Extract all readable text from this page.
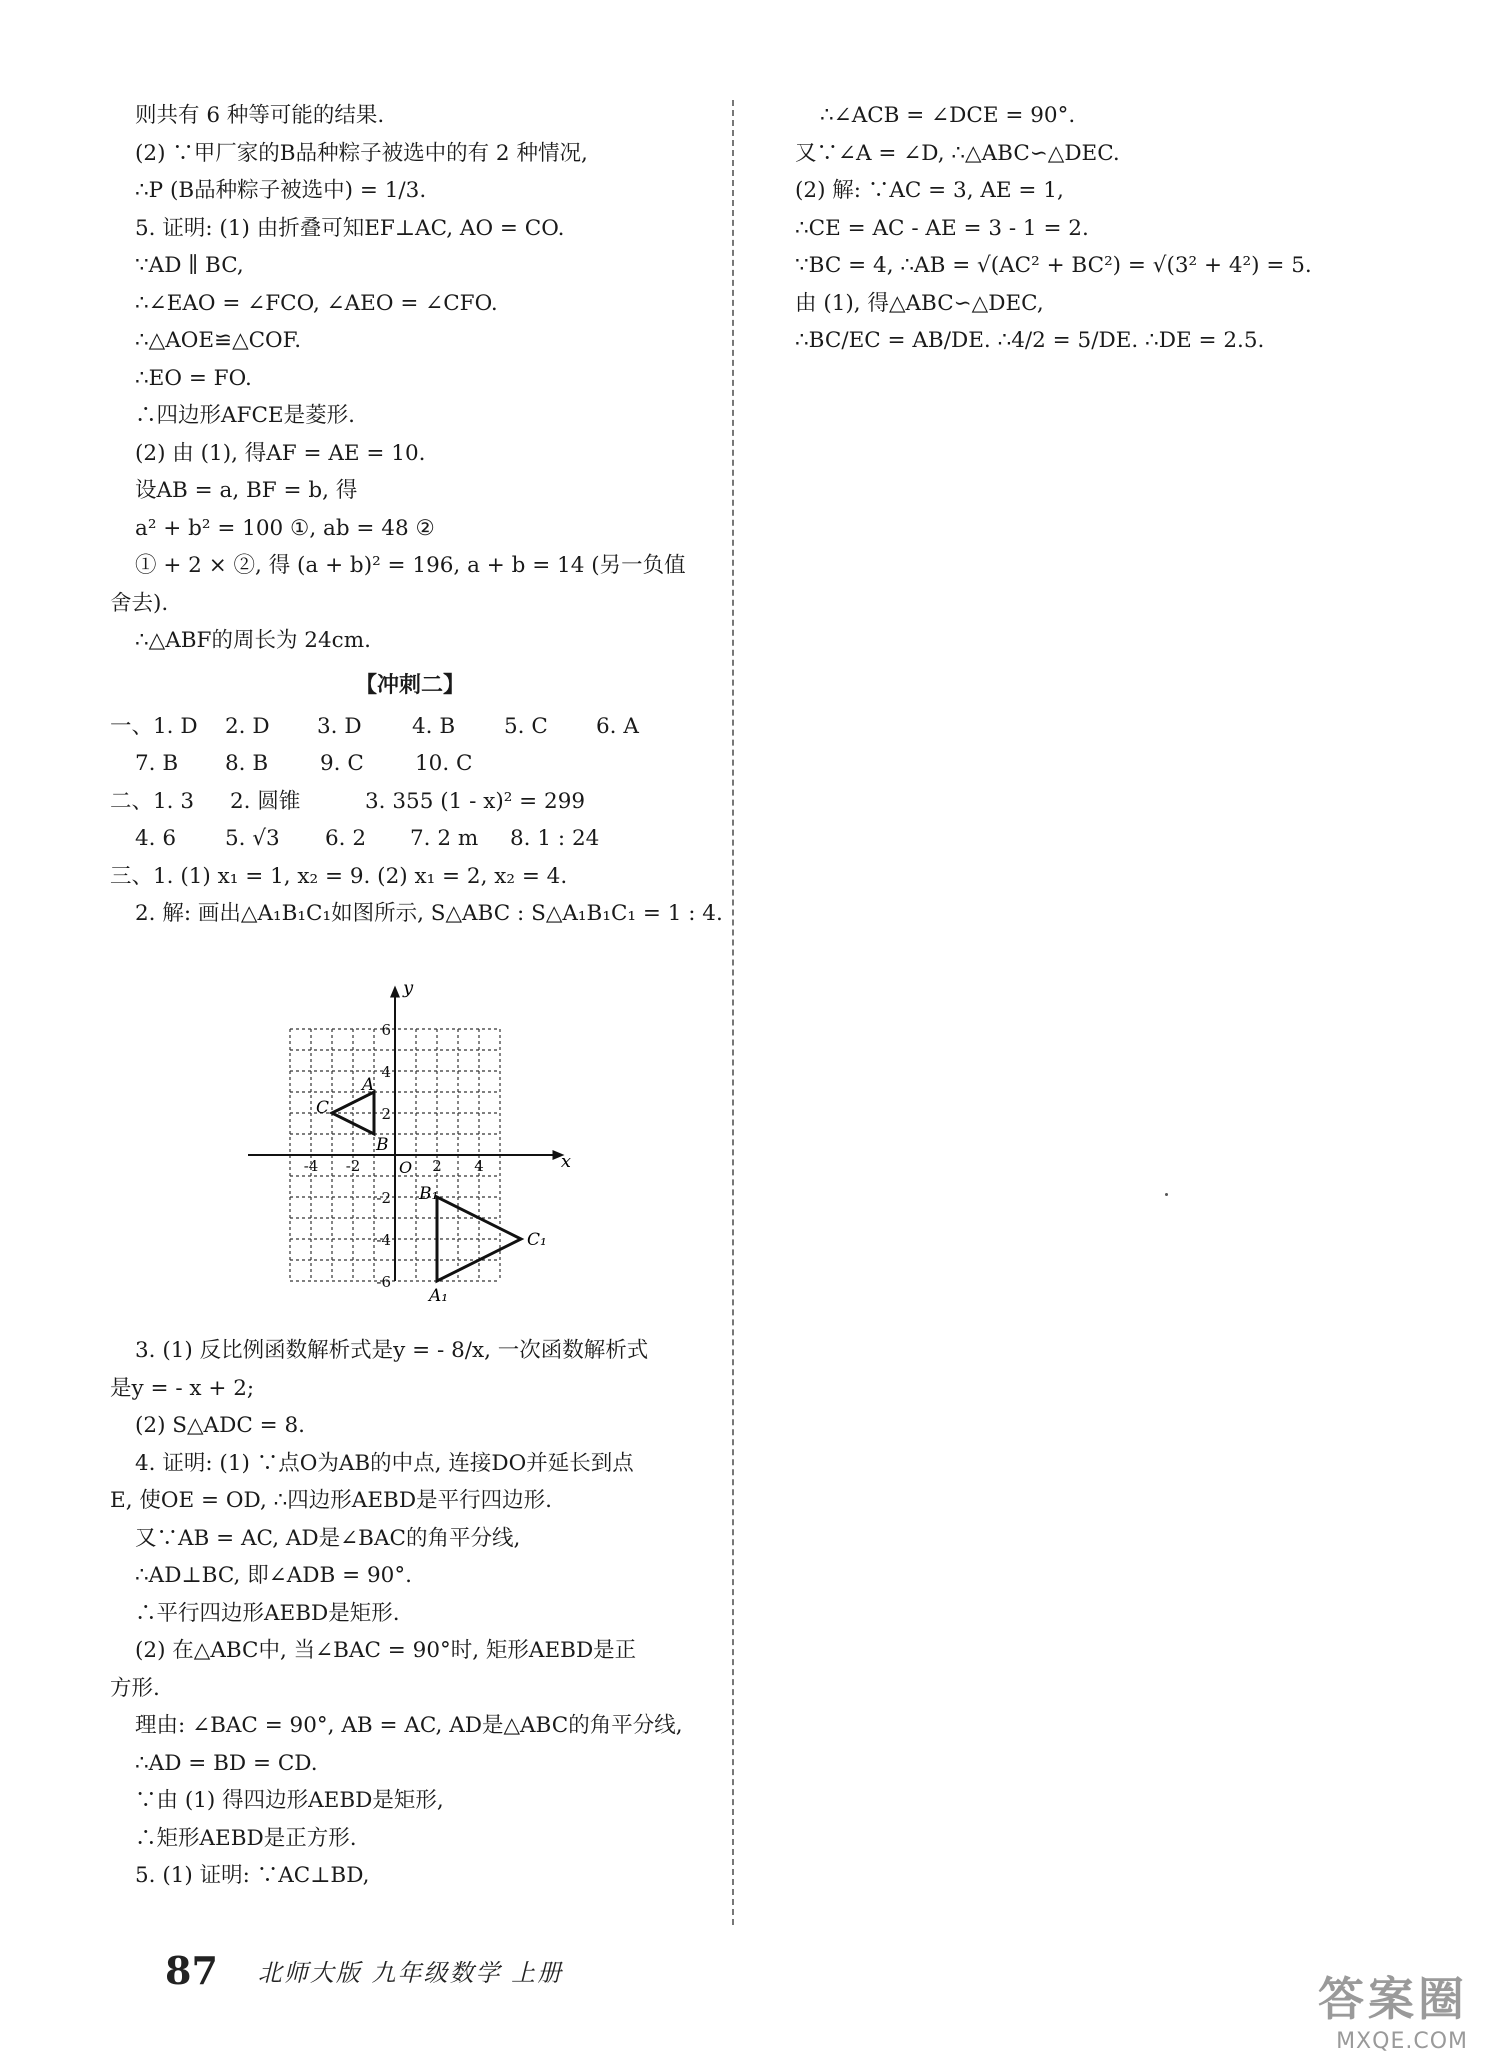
则共有 6 种等可能的结果.
(2) ∵甲厂家的B品种粽子被选中的有 2 种情况,
∴P (B品种粽子被选中) = 1/3.
5. 证明: (1) 由折叠可知EF⊥AC, AO = CO.
∵AD ∥ BC,
∴∠EAO = ∠FCO, ∠AEO = ∠CFO.
∴△AOE≌△COF.
∴EO = FO.
∴四边形AFCE是菱形.
(2) 由 (1), 得AF = AE = 10.
设AB = a, BF = b, 得
a² + b² = 100 ①, ab = 48 ②
① + 2 × ②, 得 (a + b)² = 196, a + b = 14 (另一负值
舍去).
∴△ABF的周长为 24cm.
【冲刺二】
一、1. D	2. D	3. D	4. B	5. C	6. A
7. B	8. B	9. C	10. C
二、1. 3	2. 圆锥	3. 355 (1 - x)² = 299
4. 6	5. √3	6. 2	7. 2 m	8. 1 : 24
三、1. (1) x₁ = 1, x₂ = 9. (2) x₁ = 2, x₂ = 4.
2. 解: 画出△A₁B₁C₁如图所示, S△ABC : S△A₁B₁C₁ = 1 : 4.
x
y
O
6
4
2
-2
-4
-6
-4 -2	2 4
A
B
C
A₁
B₁
C₁
3. (1) 反比例函数解析式是y = - 8/x, 一次函数解析式
是y = - x + 2;
(2) S△ADC = 8.
4. 证明: (1) ∵点O为AB的中点, 连接DO并延长到点
E, 使OE = OD, ∴四边形AEBD是平行四边形.
又∵AB = AC, AD是∠BAC的角平分线,
∴AD⊥BC, 即∠ADB = 90°.
∴平行四边形AEBD是矩形.
(2) 在△ABC中, 当∠BAC = 90°时, 矩形AEBD是正
方形.
理由: ∠BAC = 90°, AB = AC, AD是△ABC的角平分线,
∴AD = BD = CD.
∵由 (1) 得四边形AEBD是矩形,
∴矩形AEBD是正方形.
5. (1) 证明: ∵AC⊥BD,
∴∠ACB = ∠DCE = 90°.
又∵∠A = ∠D, ∴△ABC∽△DEC.
(2) 解: ∵AC = 3, AE = 1,
∴CE = AC - AE = 3 - 1 = 2.
∵BC = 4, ∴AB = √(AC² + BC²) = √(3² + 4²) = 5.
由 (1), 得△ABC∽△DEC,
∴BC/EC = AB/DE. ∴4/2 = 5/DE. ∴DE = 2.5.
87 北师大版 九年级数学 上册	答案圈
MXQE.COM
